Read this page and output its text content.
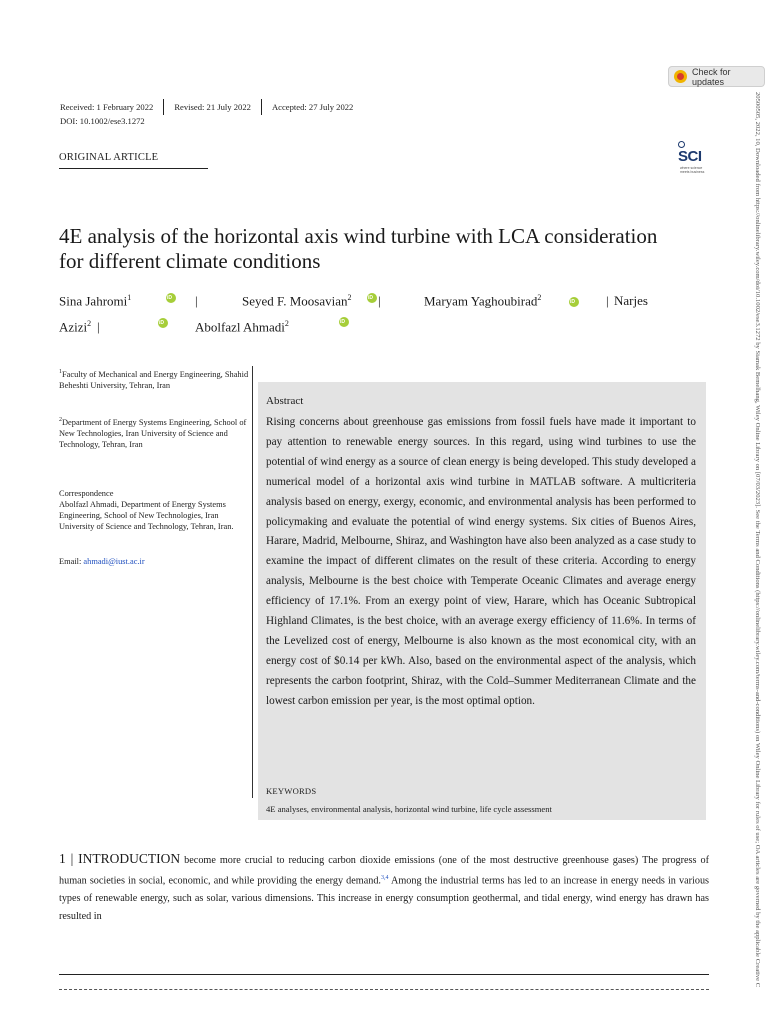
Check for updates
20500505, 2022, 10, Downloaded from https://onlinelibrary.wiley.com/doi/10.1002/ese3.1272 by Siamak Bemelhang, Wiley Online Library on [07/03/2023]. See the Terms and Conditions (https://onlinelibrary.wiley.com/terms-and-conditions) on Wiley Online Library for rules of use; OA articles are governed by the applicable Creative C
Received: 1 February 2022 Revised: 21 July 2022 Accepted: 27 July 2022
DOI: 10.1002/ese3.1272
ORIGINAL ARTICLE	SCI
where science meets business
4E analysis of the horizontal axis wind turbine with LCA consideration for different climate conditions
Sina Jahromi$^1$ iD	|	Seyed F. Moosavian$^2$ iD |	Maryam Yaghoubirad$^2$ iD	| Narjes
Azizi$^2$ | iD	Abolfazl Ahmadi$^2$
iD
$^1$Faculty of Mechanical and Energy Engineering, Shahid Beheshti University, Tehran, Iran
$^2$Department of Energy Systems Engineering, School of New Technologies, Iran University of Science and Technology, Tehran, Iran
Correspondence
Abolfazl Ahmadi, Department of Energy Systems Engineering, School of New Technologies, Iran University of Science and Technology, Tehran, Iran.
Email: ahmadi@iust.ac.ir
Abstract
Rising concerns about greenhouse gas emissions from fossil fuels have made it important to pay attention to renewable energy sources. In this regard, using wind turbines to use the potential of wind energy as a source of clean energy is being developed. This study developed a numerical model of a horizontal axis wind turbine in MATLAB software. A multicriteria analysis based on energy, exergy, economic, and environmental analysis has been performed to policymaking and evaluate the potential of wind energy systems. Six cities of Buenos Aires, Harare, Madrid, Melbourne, Shiraz, and Washington have also been analyzed as a case study to examine the impact of different climates on the result of these criteria. According to energy analysis, Melbourne is the best choice with Temperate Oceanic Climates and average energy efficiency of 17.1%. From an exergy point of view, Harare, which has Oceanic Subtropical Highland Climates, is the best choice, with an average exergy efficiency of 11.6%. In terms of the Levelized cost of energy, Melbourne is also known as the most economical city, with an energy cost of $0.14 per kWh. Also, based on the environmental aspect of the analysis, which represents the carbon footprint, Shiraz, with the Cold–Summer Mediterranean Climate and the lowest carbon emission per year, is the most optimal option.
KEYWORDS
4E analyses, environmental analysis, horizontal wind turbine, life cycle assessment
1 | INTRODUCTION become more crucial to reducing carbon dioxide emissions (one of the most destructive greenhouse gases) The progress of human societies in social, economic, and while providing the energy demand.$^{3,4}$ Among the industrial terms has led to an increase in energy needs in various types of renewable energy, such as solar, various dimensions. This increase in energy consumption geothermal, and tidal energy, wind energy has drawn has resulted in
